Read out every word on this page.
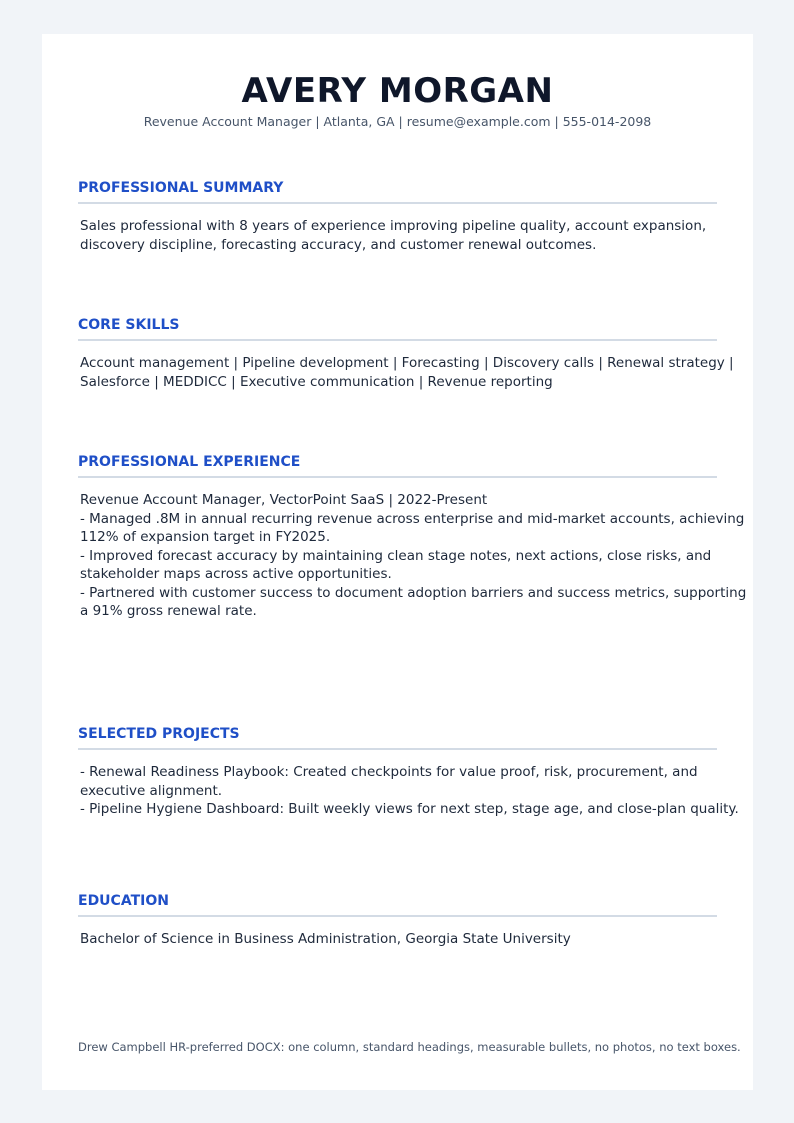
AVERY MORGAN
Revenue Account Manager | Atlanta, GA | resume@example.com | 555-014-2098
PROFESSIONAL SUMMARY
Sales professional with 8 years of experience improving pipeline quality, account expansion,
discovery discipline, forecasting accuracy, and customer renewal outcomes.
CORE SKILLS
Account management | Pipeline development | Forecasting | Discovery calls | Renewal strategy |
Salesforce | MEDDICC | Executive communication | Revenue reporting
PROFESSIONAL EXPERIENCE
Revenue Account Manager, VectorPoint SaaS | 2022-Present
- Managed .8M in annual recurring revenue across enterprise and mid-market accounts, achieving
112% of expansion target in FY2025.
- Improved forecast accuracy by maintaining clean stage notes, next actions, close risks, and
stakeholder maps across active opportunities.
- Partnered with customer success to document adoption barriers and success metrics, supporting
a 91% gross renewal rate.
SELECTED PROJECTS
- Renewal Readiness Playbook: Created checkpoints for value proof, risk, procurement, and
executive alignment.
- Pipeline Hygiene Dashboard: Built weekly views for next step, stage age, and close-plan quality.
EDUCATION
Bachelor of Science in Business Administration, Georgia State University
Drew Campbell HR-preferred DOCX: one column, standard headings, measurable bullets, no photos, no text boxes.
